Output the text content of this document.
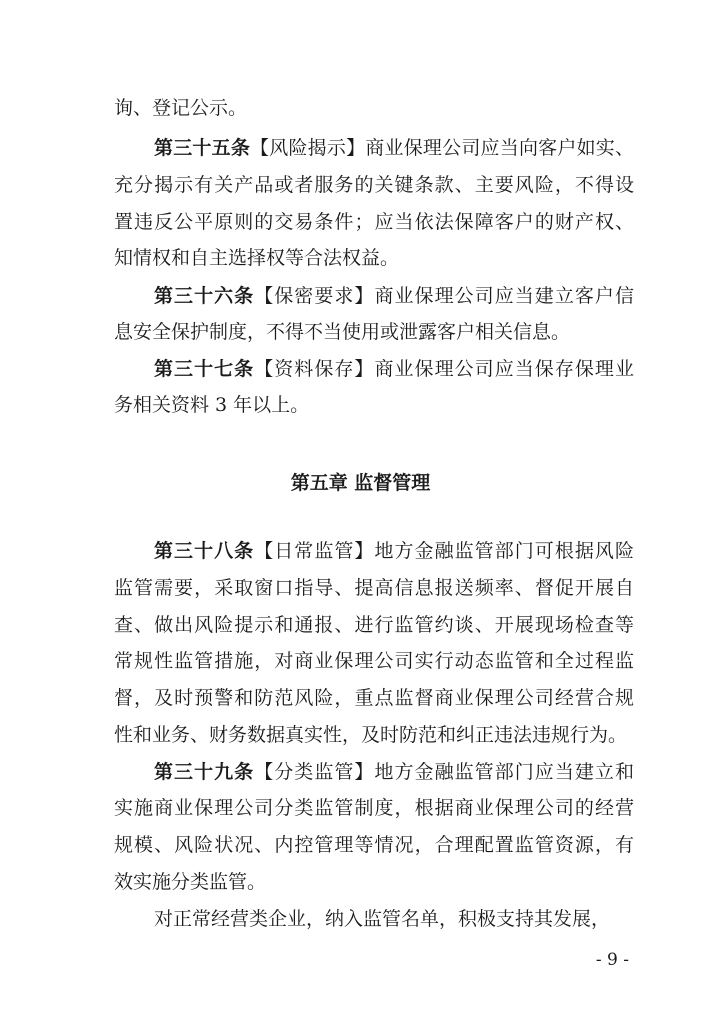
询、登记公示。
第三十五条【风险揭示】商业保理公司应当向客户如实、
充分揭示有关产品或者服务的关键条款、主要风险，不得设
置违反公平原则的交易条件；应当依法保障客户的财产权、
知情权和自主选择权等合法权益。
第三十六条【保密要求】商业保理公司应当建立客户信
息安全保护制度，不得不当使用或泄露客户相关信息。
第三十七条【资料保存】商业保理公司应当保存保理业
务相关资料 3 年以上。
第五章 监督管理
第三十八条【日常监管】地方金融监管部门可根据风险
监管需要，采取窗口指导、提高信息报送频率、督促开展自
查、做出风险提示和通报、进行监管约谈、开展现场检查等
常规性监管措施，对商业保理公司实行动态监管和全过程监
督，及时预警和防范风险，重点监督商业保理公司经营合规
性和业务、财务数据真实性，及时防范和纠正违法违规行为。
第三十九条【分类监管】地方金融监管部门应当建立和
实施商业保理公司分类监管制度，根据商业保理公司的经营
规模、风险状况、内控管理等情况，合理配置监管资源，有
效实施分类监管。
对正常经营类企业，纳入监管名单，积极支持其发展，
- 9 -
